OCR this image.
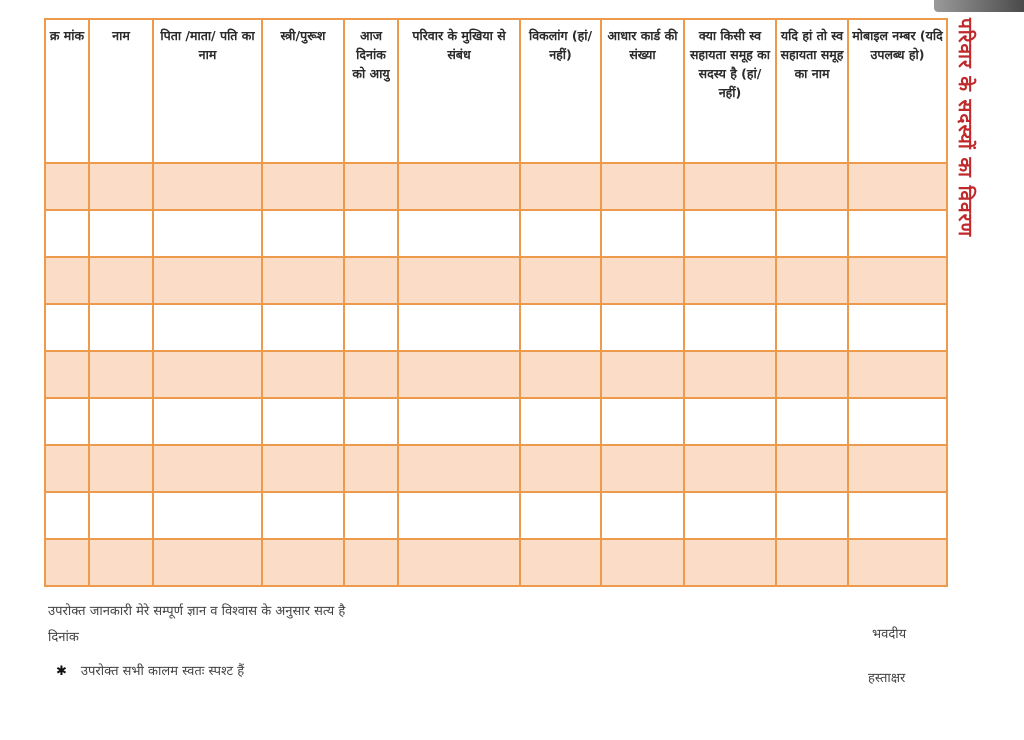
क्र मांक	नाम	पिता /माता/ पति का नाम	स्त्री/पुरूश	आज दिनांक को आयु	परिवार के मुखिया से संबंध	विकलांग (हां/नहीं)	आधार कार्ड की संख्या	क्या किसी स्व सहायता समूह का सदस्य है (हां/नहीं)	यदि हां तो स्व सहायता समूह का नाम	मोबाइल नम्बर (यदि उपलब्ध हो)

										परिवार के सदस्यों का विवरण
उपरोक्त जानकारी मेरे सम्पूर्ण ज्ञान व विश्वास के अनुसार सत्य है
दिनांक
✱ उपरोक्त सभी कालम स्वतः स्पश्ट हैं
भवदीय
हस्ताक्षर
